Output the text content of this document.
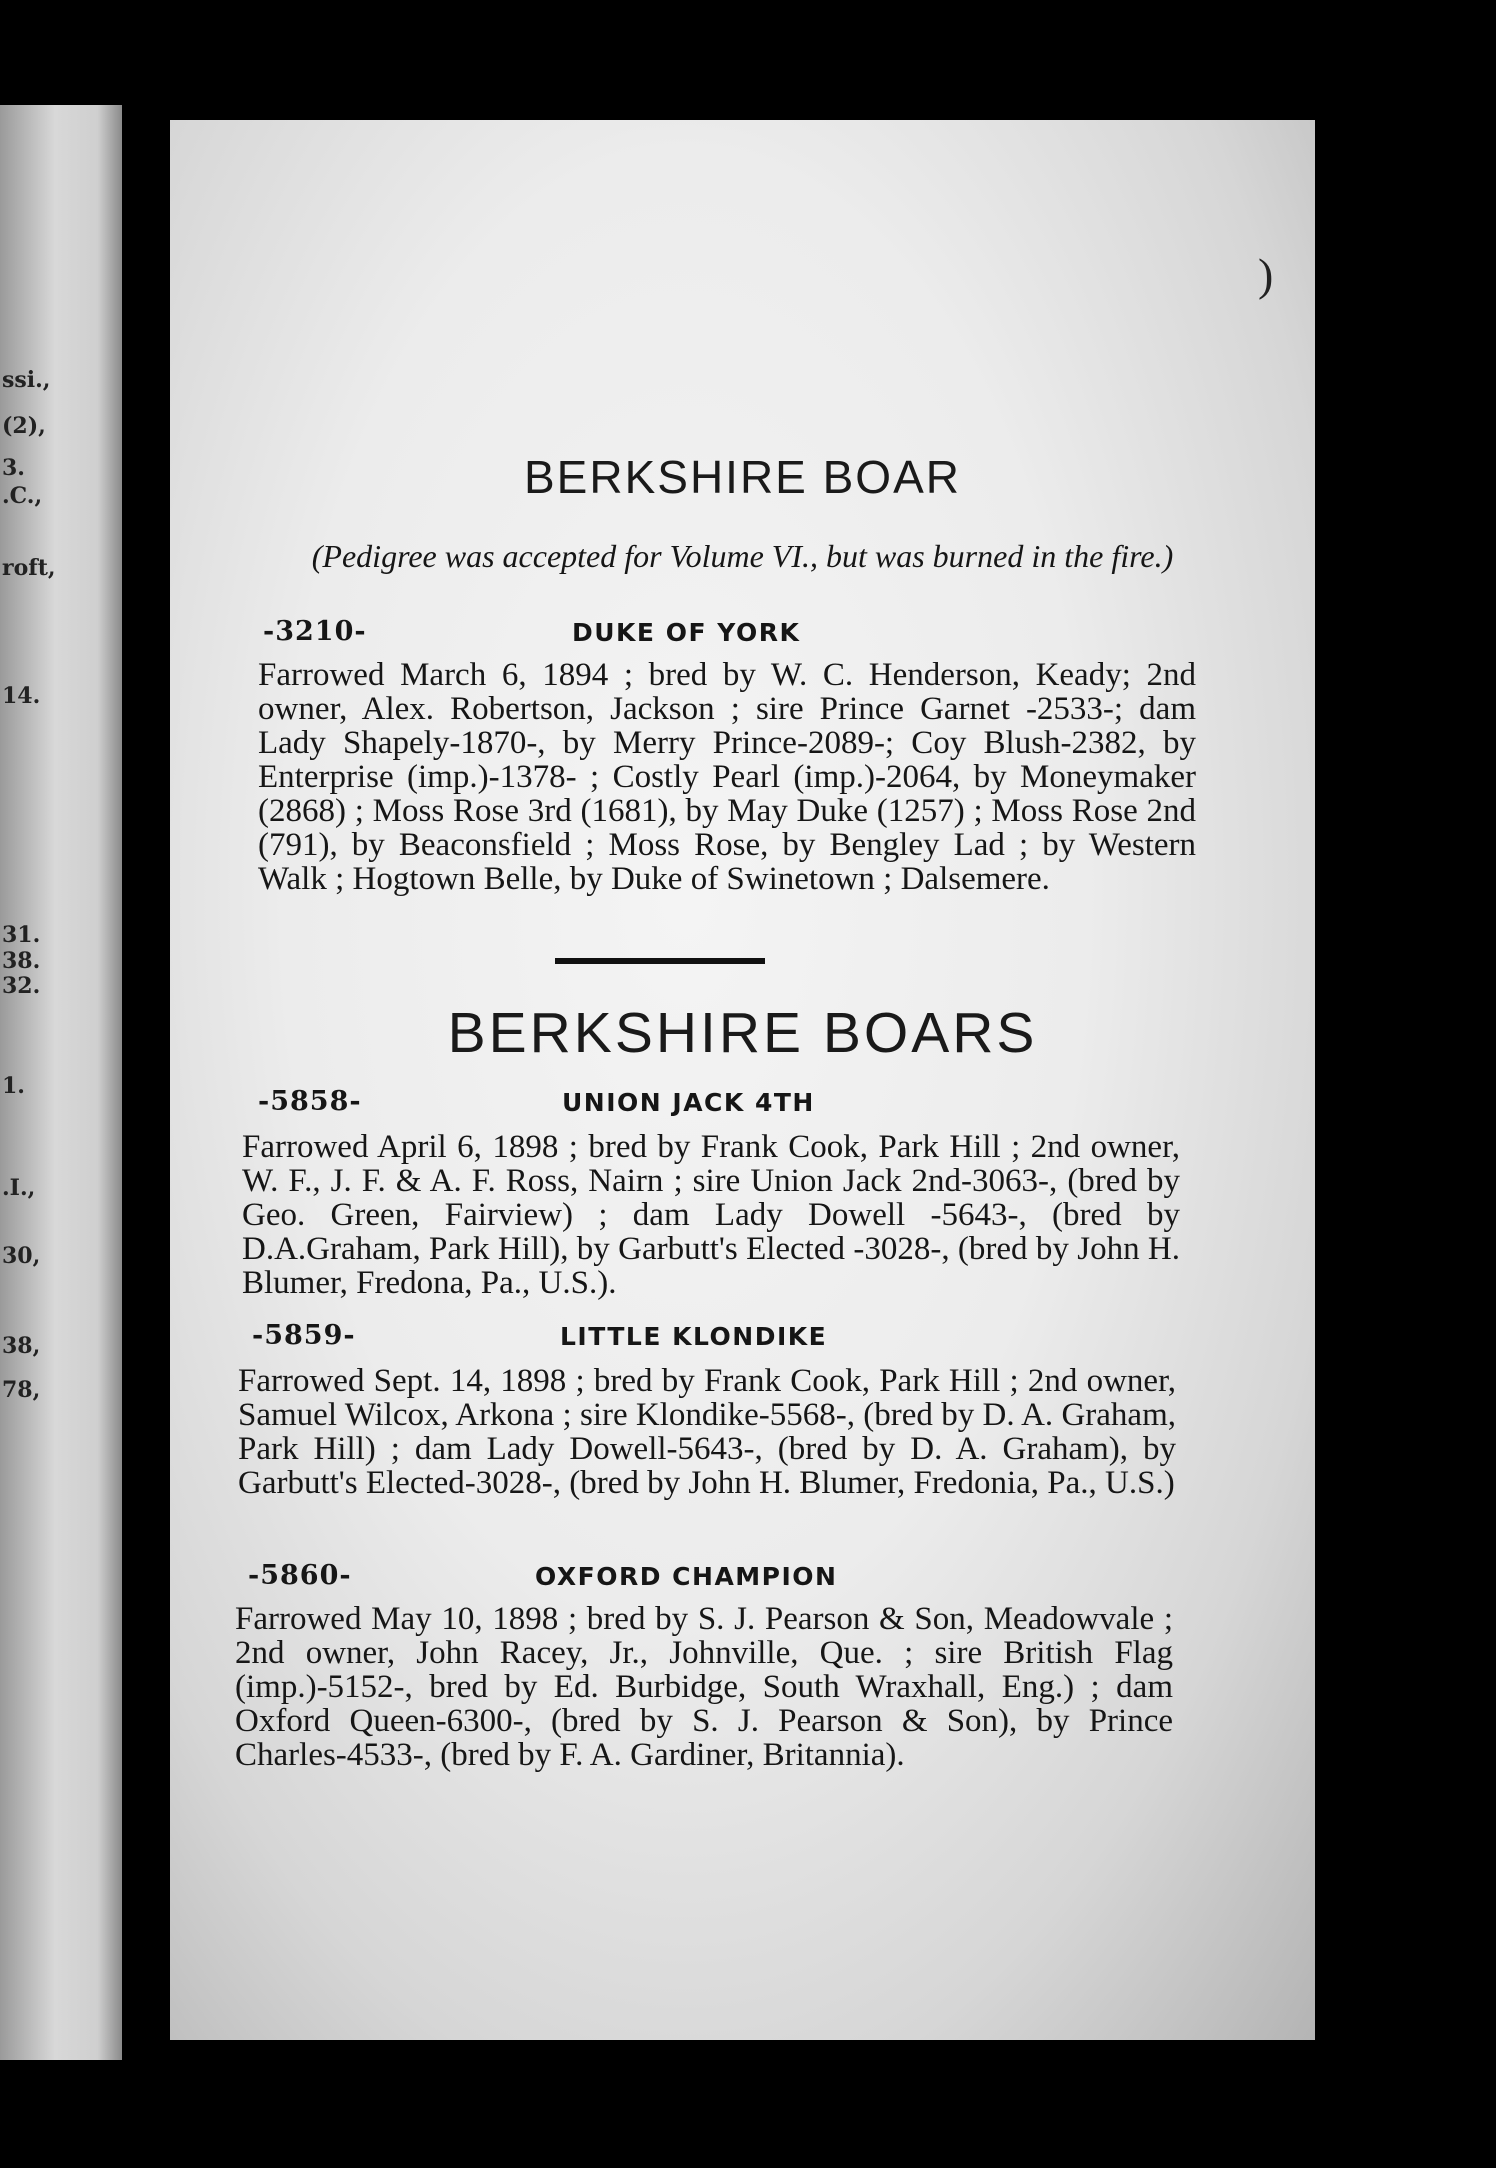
ssi.,
(2),
3.
.C.,
roft,
14.
31.
38.
32.
1.
.I.,
30,
38,
78,
)
BERKSHIRE BOAR
(Pedigree was accepted for Volume VI., but was burned in the fire.)
-3210-	DUKE OF YORK
Farrowed March 6, 1894 ; bred by W. C. Henderson, Keady; 2nd owner, Alex. Robertson, Jackson ; sire Prince Garnet -2533-; dam Lady Shapely-1870-, by Merry Prince-2089-; Coy Blush-2382, by Enterprise (imp.)-1378- ; Costly Pearl (imp.)-2064, by Moneymaker (2868) ; Moss Rose 3rd (1681), by May Duke (1257) ; Moss Rose 2nd (791), by Beaconsfield ; Moss Rose, by Bengley Lad ; by Western Walk ; Hogtown Belle, by Duke of Swinetown ; Dalsemere.
BERKSHIRE BOARS
-5858-	UNION JACK 4TH
Farrowed April 6, 1898 ; bred by Frank Cook, Park Hill ; 2nd owner, W. F., J. F. & A. F. Ross, Nairn ; sire Union Jack 2nd-3063-, (bred by Geo. Green, Fairview) ; dam Lady Dowell -5643-, (bred by D.A.Graham, Park Hill), by Garbutt's Elected -3028-, (bred by John H. Blumer, Fredona, Pa., U.S.).
-5859-	LITTLE KLONDIKE
Farrowed Sept. 14, 1898 ; bred by Frank Cook, Park Hill ; 2nd owner, Samuel Wilcox, Arkona ; sire Klondike-5568-, (bred by D. A. Graham, Park Hill) ; dam Lady Dowell-5643-, (bred by D. A. Graham), by Garbutt's Elected-3028-, (bred by John H. Blumer, Fredonia, Pa., U.S.)
-5860-	OXFORD CHAMPION
Farrowed May 10, 1898 ; bred by S. J. Pearson & Son, Meadowvale ; 2nd owner, John Racey, Jr., Johnville, Que. ; sire British Flag (imp.)-5152-, bred by Ed. Burbidge, South Wraxhall, Eng.) ; dam Oxford Queen-6300-, (bred by S. J. Pearson & Son), by Prince Charles-4533-, (bred by F. A. Gardiner, Britannia).
